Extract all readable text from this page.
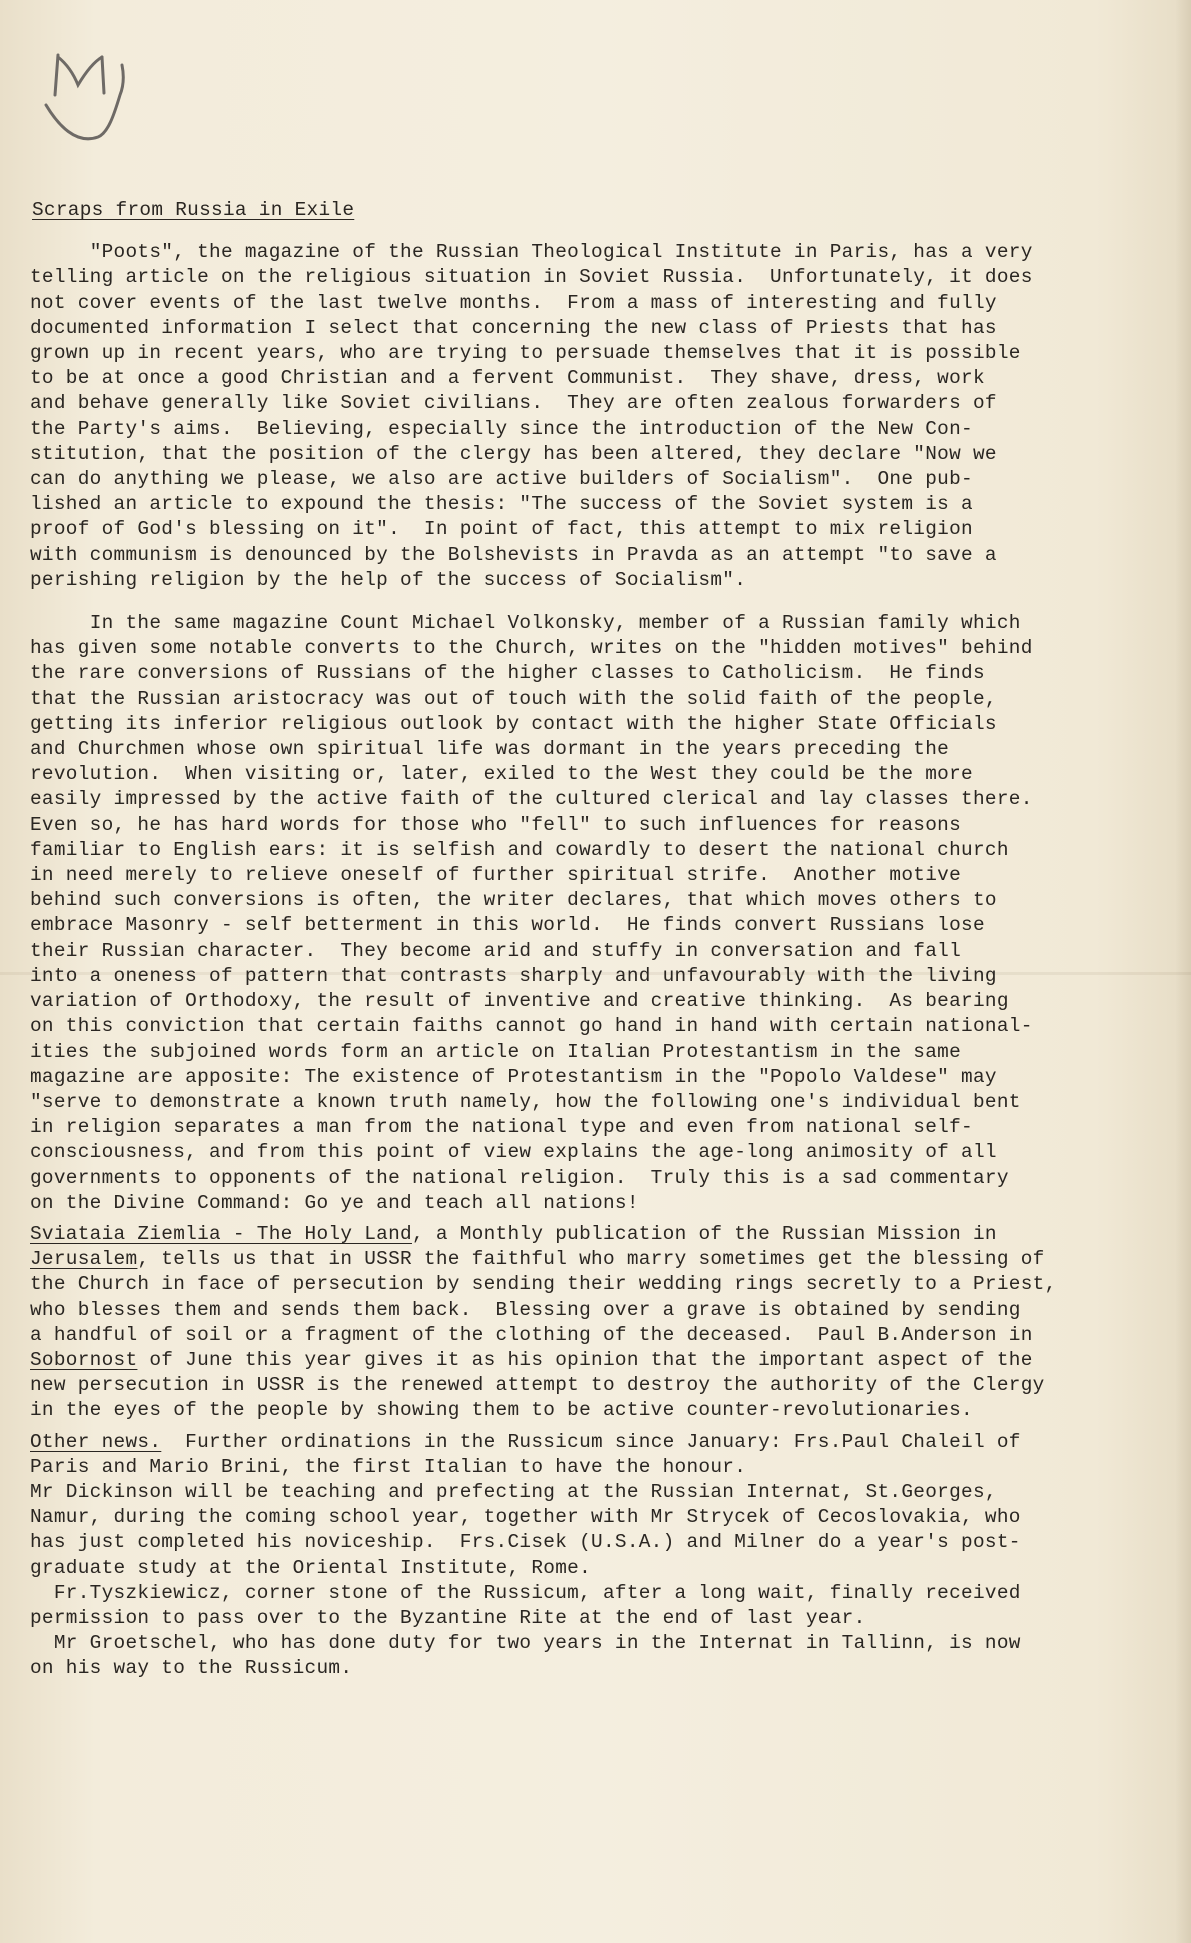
Scraps from Russia in Exile

"Poots", the magazine of the Russian Theological Institute in Paris, has a very
telling article on the religious situation in Soviet Russia.  Unfortunately, it does
not cover events of the last twelve months.  From a mass of interesting and fully
documented information I select that concerning the new class of Priests that has
grown up in recent years, who are trying to persuade themselves that it is possible
to be at once a good Christian and a fervent Communist.  They shave, dress, work
and behave generally like Soviet civilians.  They are often zealous forwarders of
the Party's aims.  Believing, especially since the introduction of the New Con-
stitution, that the position of the clergy has been altered, they declare "Now we
can do anything we please, we also are active builders of Socialism".  One pub-
lished an article to expound the thesis: "The success of the Soviet system is a
proof of God's blessing on it".  In point of fact, this attempt to mix religion
with communism is denounced by the Bolshevists in Pravda as an attempt "to save a
perishing religion by the help of the success of Socialism".

In the same magazine Count Michael Volkonsky, member of a Russian family which
has given some notable converts to the Church, writes on the "hidden motives" behind
the rare conversions of Russians of the higher classes to Catholicism.  He finds
that the Russian aristocracy was out of touch with the solid faith of the people,
getting its inferior religious outlook by contact with the higher State Officials
and Churchmen whose own spiritual life was dormant in the years preceding the
revolution.  When visiting or, later, exiled to the West they could be the more
easily impressed by the active faith of the cultured clerical and lay classes there.
Even so, he has hard words for those who "fell" to such influences for reasons
familiar to English ears: it is selfish and cowardly to desert the national church
in need merely to relieve oneself of further spiritual strife.  Another motive
behind such conversions is often, the writer declares, that which moves others to
embrace Masonry - self betterment in this world.  He finds convert Russians lose
their Russian character.  They become arid and stuffy in conversation and fall
into a oneness of pattern that contrasts sharply and unfavourably with the living
variation of Orthodoxy, the result of inventive and creative thinking.  As bearing
on this conviction that certain faiths cannot go hand in hand with certain national-
ities the subjoined words form an article on Italian Protestantism in the same
magazine are apposite: The existence of Protestantism in the "Popolo Valdese" may
"serve to demonstrate a known truth namely, how the following one's individual bent
in religion separates a man from the national type and even from national self-
consciousness, and from this point of view explains the age-long animosity of all
governments to opponents of the national religion.  Truly this is a sad commentary
on the Divine Command: Go ye and teach all nations!

Sviataia Ziemlia - The Holy Land, a Monthly publication of the Russian Mission in
Jerusalem, tells us that in USSR the faithful who marry sometimes get the blessing of
the Church in face of persecution by sending their wedding rings secretly to a Priest,
who blesses them and sends them back.  Blessing over a grave is obtained by sending
a handful of soil or a fragment of the clothing of the deceased.  Paul B.Anderson in
Sobornost of June this year gives it as his opinion that the important aspect of the
new persecution in USSR is the renewed attempt to destroy the authority of the Clergy
in the eyes of the people by showing them to be active counter-revolutionaries.

Other news.  Further ordinations in the Russicum since January: Frs.Paul Chaleil of
Paris and Mario Brini, the first Italian to have the honour.
Mr Dickinson will be teaching and prefecting at the Russian Internat, St.Georges,
Namur, during the coming school year, together with Mr Strycek of Cecoslovakia, who
has just completed his noviceship.  Frs.Cisek (U.S.A.) and Milner do a year's post-
graduate study at the Oriental Institute, Rome.

Fr.Tyszkiewicz, corner stone of the Russicum, after a long wait, finally received
permission to pass over to the Byzantine Rite at the end of last year.

Mr Groetschel, who has done duty for two years in the Internat in Tallinn, is now
on his way to the Russicum.
